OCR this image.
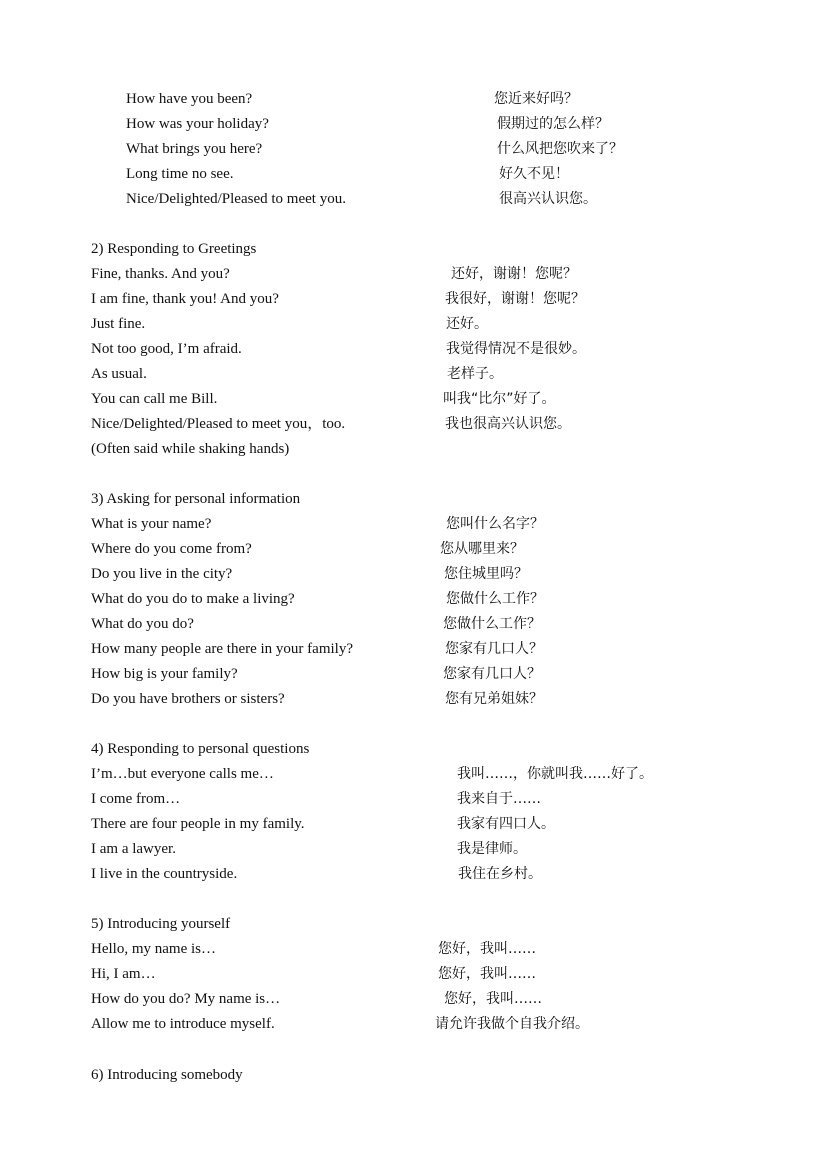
How have you been?	您近来好吗？
How was your holiday?	假期过的怎么样？
What brings you here?	什么风把您吹来了？
Long time no see.	好久不见！
Nice/Delighted/Pleased to meet you.	很高兴认识您。
2) Responding to Greetings
Fine, thanks. And you?	还好，谢谢！您呢？
I am fine, thank you! And you?	我很好，谢谢！您呢？
Just fine.	还好。
Not too good, I’m afraid.	我觉得情况不是很妙。
As usual.	老样子。
You can call me Bill.	叫我“比尔”好了。
Nice/Delighted/Pleased to meet you，too.	我也很高兴认识您。
(Often said while shaking hands)
3) Asking for personal information
What is your name?	您叫什么名字？
Where do you come from?	您从哪里来？
Do you live in the city?	您住城里吗？
What do you do to make a living?	您做什么工作？
What do you do?	您做什么工作？
How many people are there in your family?	您家有几口人？
How big is your family?	您家有几口人？
Do you have brothers or sisters?	您有兄弟姐妹？
4) Responding to personal questions
I’m…but everyone calls me…	我叫……，你就叫我……好了。
I come from…	我来自于……
There are four people in my family.	我家有四口人。
I am a lawyer.	我是律师。
I live in the countryside.	我住在乡村。
5) Introducing yourself
Hello, my name is…	您好，我叫……
Hi, I am…	您好，我叫……
How do you do? My name is…	您好，我叫……
Allow me to introduce myself.	请允许我做个自我介绍。
6) Introducing somebody
